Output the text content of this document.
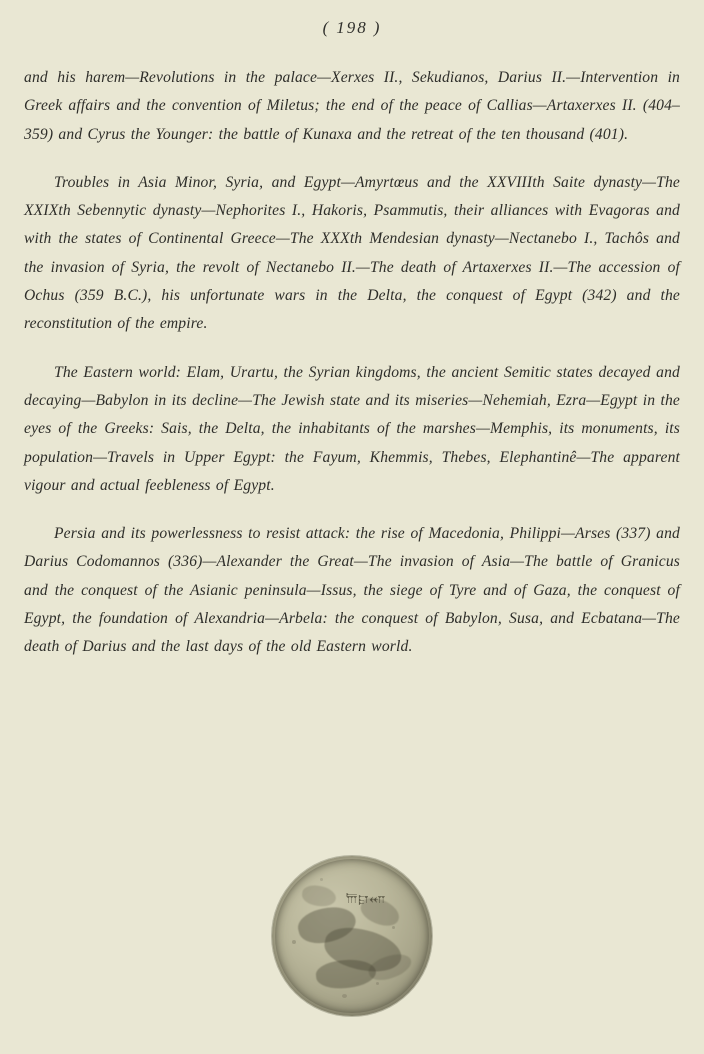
( 198 )

and his harem—Revolutions in the palace—Xerxes II., Sekudianos, Darius II.—Intervention in Greek affairs and the convention of Miletus; the end of the peace of Callias—Artaxerxes II. (404–359) and Cyrus the Younger: the battle of Kunaxa and the retreat of the ten thousand (401).

Troubles in Asia Minor, Syria, and Egypt—Amyrtœus and the XXVIIIth Saite dynasty—The XXIXth Sebennytic dynasty—Nephorites I., Hakoris, Psammutis, their alliances with Evagoras and with the states of Continental Greece—The XXXth Mendesian dynasty—Nectanebo I., Tachôs and the invasion of Syria, the revolt of Nectanebo II.—The death of Artaxerxes II.—The accession of Ochus (359 B.C.), his unfortunate wars in the Delta, the conquest of Egypt (342) and the reconstitution of the empire.

The Eastern world: Elam, Urartu, the Syrian kingdoms, the ancient Semitic states decayed and decaying—Babylon in its decline—The Jewish state and its miseries—Nehemiah, Ezra—Egypt in the eyes of the Greeks: Sais, the Delta, the inhabitants of the marshes—Memphis, its monuments, its population—Travels in Upper Egypt: the Fayum, Khemmis, Thebes, Elephantinê—The apparent vigour and actual feebleness of Egypt.

Persia and its powerlessness to resist attack: the rise of Macedonia, Philippi—Arses (337) and Darius Codomannos (336)—Alexander the Great—The invasion of Asia—The battle of Granicus and the conquest of the Asianic peninsula—Issus, the siege of Tyre and of Gaza, the conquest of Egypt, the foundation of Alexandria—Arbela: the conquest of Babylon, Susa, and Ecbatana—The death of Darius and the last days of the old Eastern world.

𐎠𐎼𐎧
